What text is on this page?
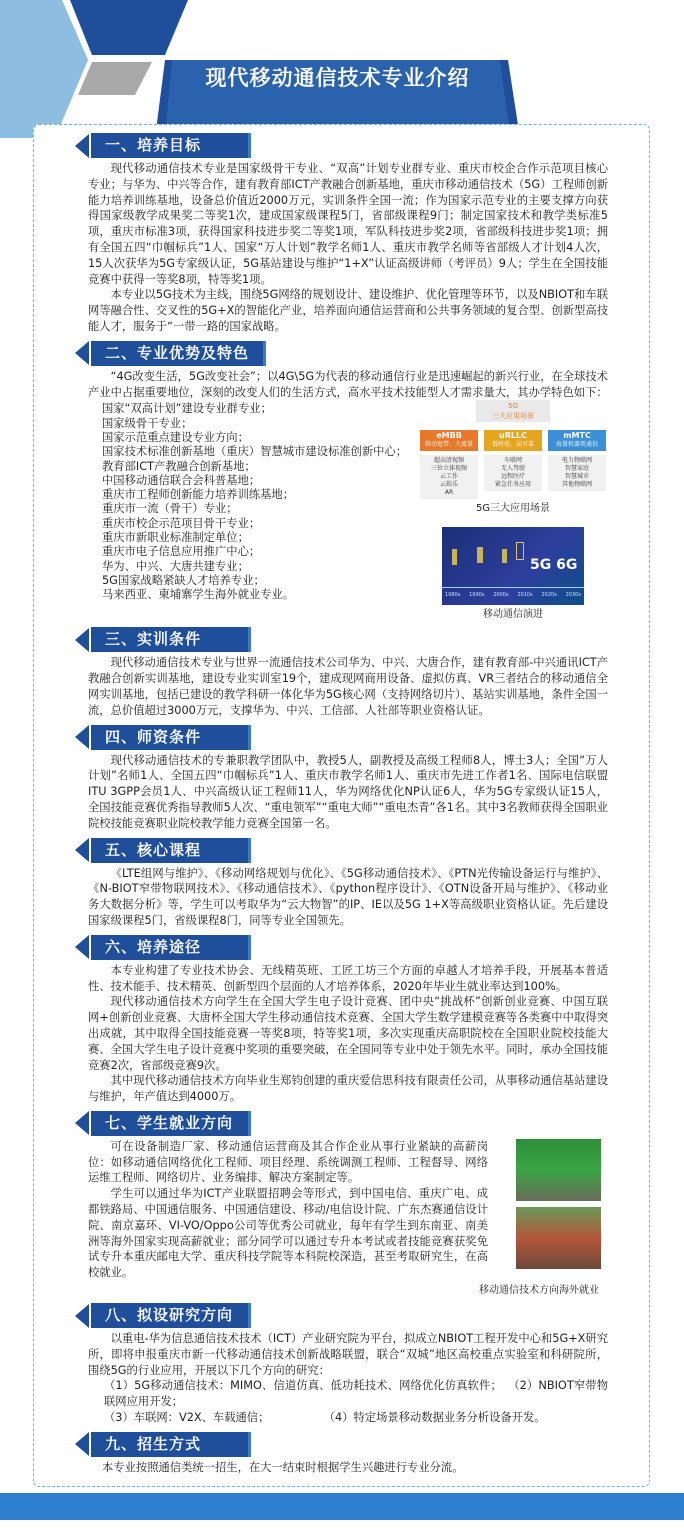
现代移动通信技术专业介绍
一、培养目标

现代移动通信技术专业是国家级骨干专业、“双高”计划专业群专业、重庆市校企合作示范项目核心专业；与华为、中兴等合作，建有教育部ICT产教融合创新基地，重庆市移动通信技术（5G）工程师创新能力培养训练基地，设备总价值近2000万元，实训条件全国一流；作为国家示范专业的主要支撑方向获得国家级教学成果奖二等奖1次，建成国家级课程5门，省部级课程9门；制定国家技术和教学类标准5项，重庆市标准3项，获得国家科技进步奖二等奖1项，军队科技进步奖2项，省部级科技进步奖1项；拥有全国五四“巾帼标兵”1人、国家“万人计划”教学名师1人、重庆市教学名师等省部级人才计划4人次，15人次获华为5G专家级认证，5G基站建设与维护“1+X”认证高级讲师（考评员）9人；学生在全国技能竞赛中获得一等奖8项，特等奖1项。

本专业以5G技术为主线，围绕5G网络的规划设计、建设维护、优化管理等环节，以及NBIOT和车联网等融合性、交叉性的5G+X的智能化产业，培养面向通信运营商和公共事务领域的复合型、创新型高技能人才，服务于“一带一路的国家战略。

二、专业优势及特色

“4G改变生活，5G改变社会”；以4G\5G为代表的移动通信行业是迅速崛起的新兴行业，在全球技术产业中占据重要地位，深刻的改变人们的生活方式，高水平技术技能型人才需求量大，其办学特色如下：

国家“双高计划”建设专业群专业；
国家级骨干专业；
国家示范重点建设专业方向；
国家技术标准创新基地（重庆）智慧城市建设标准创新中心；
教育部ICT产教融合创新基地；
中国移动通信联合会科普基地；
重庆市工程师创新能力培养训练基地；
重庆市一流（骨干）专业；
重庆市校企示范项目骨干专业；
重庆市新职业标准制定单位；
重庆市电子信息应用推广中心；
华为、中兴、大唐共建专业；
5G国家战略紧缺人才培养专业；
马来西亚、柬埔寨学生海外就业专业。
5G
三大应用场景
eMBB
移动宽带、大流量
超高清视频
三位立体视频
云工作
云娱乐
AR
uRLLC
低时延、高可靠
车联网
无人驾驶
远程医疗
紧急任务应用
mMTC
海量机器类通信
电力物联网
智慧家庭
智慧城市
其他物联网
5G三大应用场景
5G 6G
1980s 1990s 2000s 2010s 2020s 2030s
移动通信演进
三、实训条件

现代移动通信技术专业与世界一流通信技术公司华为、中兴、大唐合作，建有教育部-中兴通讯ICT产教融合创新实训基地，建设专业实训室19个，建成现网商用设备、虚拟仿真、VR三者结合的移动通信全网实训基地，包括已建设的教学科研一体化华为5G核心网（支持网络切片）、基站实训基地，条件全国一流，总价值超过3000万元，支撑华为、中兴、工信部、人社部等职业资格认证。

四、师资条件

现代移动通信技术的专兼职教学团队中，教授5人，副教授及高级工程师8人，博士3人；全国“万人计划”名师1人、全国五四“巾帼标兵”1人、重庆市教学名师1人、重庆市先进工作者1名、国际电信联盟ITU 3GPP会员1人、中兴高级认证工程师11人，华为网络优化NP认证6人，华为5G专家级认证15人，全国技能竞赛优秀指导教师5人次、“重电领军”“重电大师”“重电杰青”各1名。其中3名教师获得全国职业院校技能竞赛职业院校教学能力竞赛全国第一名。

五、核心课程

《LTE组网与维护》、《移动网络规划与优化》、《5G移动通信技术》、《PTN光传输设备运行与维护》、《N-BIOT窄带物联网技术》、《移动通信技术》、《python程序设计》、《OTN设备开局与维护》、《移动业务大数据分析》等，学生可以考取华为“云大物智”的IP、IE以及5G 1+X等高级职业资格认证。先后建设国家级课程5门，省级课程8门，同等专业全国领先。

六、培养途径

本专业构建了专业技术协会、无线精英班、工匠工坊三个方面的卓越人才培养手段，开展基本普适性、技术能手、技术精英、创新型四个层面的人才培养体系，2020年毕业生就业率达到100%。

现代移动通信技术方向学生在全国大学生电子设计竞赛、团中央“挑战杯”创新创业竞赛、中国互联网+创新创业竞赛、大唐杯全国大学生移动通信技术竞赛、全国大学生数学建模竞赛等各类赛中中取得突出成就，其中取得全国技能竞赛一等奖8项，特等奖1项，多次实现重庆高职院校在全国职业院校技能大赛、全国大学生电子设计竞赛中奖项的重要突破，在全国同等专业中处于领先水平。同时，承办全国技能竞赛2次，省部级竞赛9次。

其中现代移动通信技术方向毕业生郑钧创建的重庆爱信思科技有限责任公司，从事移动通信基站建设与维护，年产值达到4000万。

七、学生就业方向

可在设备制造厂家、移动通信运营商及其合作企业从事行业紧缺的高薪岗位：如移动通信网络优化工程师、项目经理、系统调测工程师、工程督导、网络运维工程师、网络切片、业务编排、解决方案制定等。

学生可以通过华为ICT产业联盟招聘会等形式，到中国电信、重庆广电、成都铁路局、中国通信服务、中国通信建设、移动/电信设计院、广东杰赛通信设计院、南京嘉环、VI-VO/Oppo公司等优秀公司就业，每年有学生到东南亚、南美洲等海外国家实现高薪就业；部分同学可以通过专升本考试或者技能竞赛获奖免试专升本重庆邮电大学、重庆科技学院等本科院校深造，甚至考取研究生，在高校就业。

移动通信技术方向海外就业
八、拟设研究方向

以重电-华为信息通信技术技术（ICT）产业研究院为平台，拟成立NBIOT工程开发中心和5G+X研究所，即将申报重庆市新一代移动通信技术创新战略联盟，联合“双城”地区高校重点实验室和科研院所，围绕5G的行业应用，开展以下几个方向的研究：

（1）5G移动通信技术：MIMO、信道仿真、低功耗技术、网络优化仿真软件； （2）NBIOT窄带物联网应用开发；
（3）车联网：V2X、车载通信；	（4）特定场景移动数据业务分析设备开发。
九、招生方式
本专业按照通信类统一招生，在大一结束时根据学生兴趣进行专业分流。
